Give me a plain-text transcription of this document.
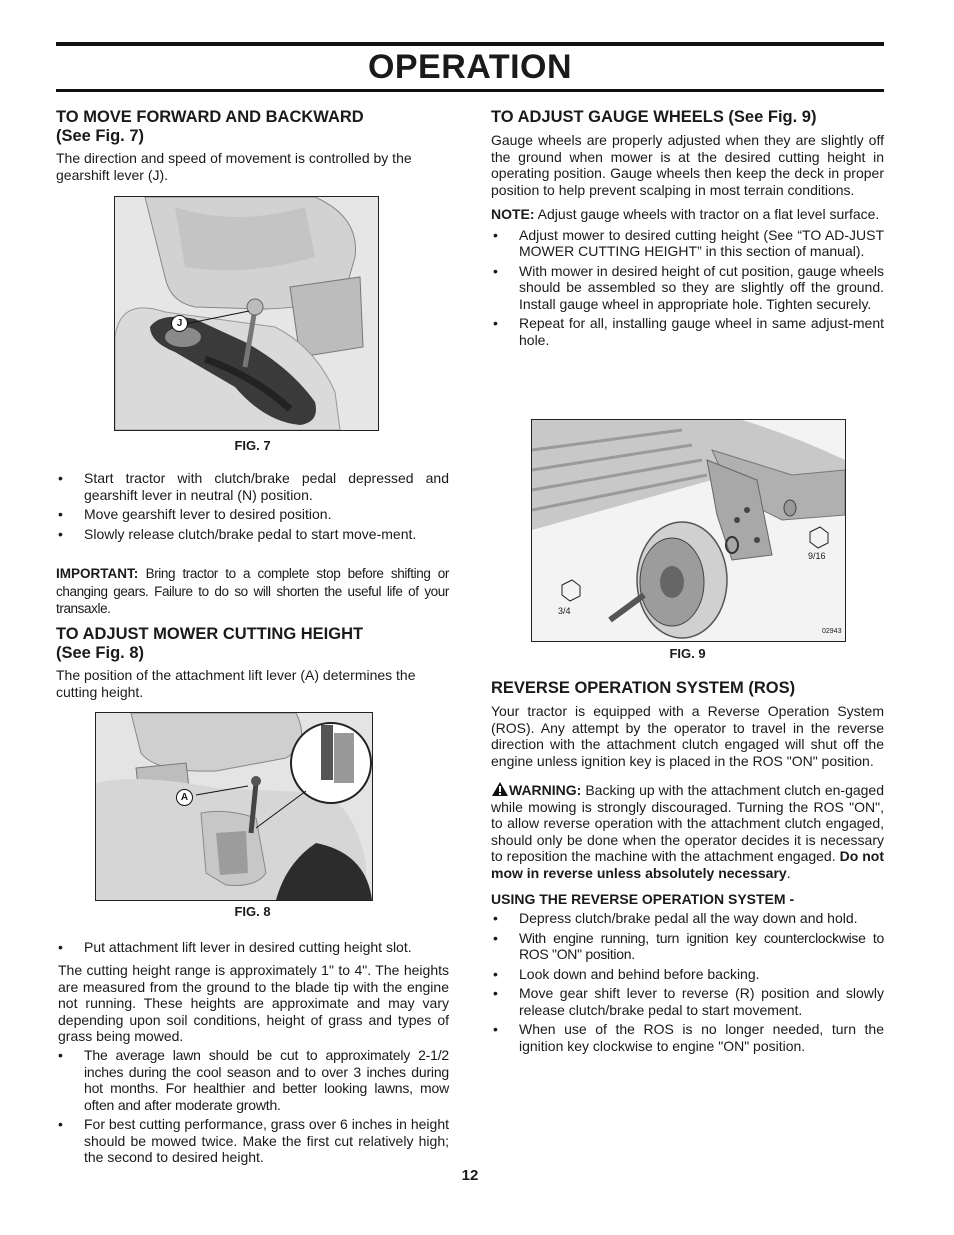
OPERATION
TO MOVE FORWARD AND BACKWARD
(See Fig. 7)

The direction and speed of movement is controlled by the gearshift lever (J).

J
FIG. 7
• Start tractor with clutch/brake pedal depressed and gearshift lever in neutral (N) position.
• Move gearshift lever to desired position.
• Slowly release clutch/brake pedal to start move-ment.

IMPORTANT: Bring tractor to a complete stop before shifting or changing gears. Failure to do so will shorten the useful life of your transaxle.

TO ADJUST MOWER CUTTING HEIGHT
(See Fig. 8)

The position of the attachment lift lever (A) determines the cutting height.

A
FIG. 8
• Put attachment lift lever in desired cutting height slot.

The cutting height range is approximately 1" to 4". The heights are measured from the ground to the blade tip with the engine not running. These heights are approximate and may vary depending upon soil conditions, height of grass and types of grass being mowed.

• The average lawn should be cut to approximately 2-1/2 inches during the cool season and to over 3 inches during hot months. For healthier and better looking lawns, mow often and after moderate growth.
• For best cutting performance, grass over 6 inches in height should be mowed twice. Make the first cut relatively high; the second to desired height.
TO ADJUST GAUGE WHEELS (See Fig. 9)

Gauge wheels are properly adjusted when they are slightly off the ground when mower is at the desired cutting height in operating position. Gauge wheels then keep the deck in proper position to help prevent scalping in most terrain conditions.

NOTE: Adjust gauge wheels with tractor on a flat level surface.

• Adjust mower to desired cutting height (See “TO AD-JUST MOWER CUTTING HEIGHT” in this section of manual).
• With mower in desired height of cut position, gauge wheels should be assembled so they are slightly off the ground. Install gauge wheel in appropriate hole. Tighten securely.
• Repeat for all, installing gauge wheel in same adjust-ment hole.
3/4
9/16
02943
FIG. 9
REVERSE OPERATION SYSTEM (ROS)

Your tractor is equipped with a Reverse Operation System (ROS). Any attempt by the operator to travel in the reverse direction with the attachment clutch engaged will shut off the engine unless ignition key is placed in the ROS "ON" position.

WARNING: Backing up with the attachment clutch en-gaged while mowing is strongly discouraged. Turning the ROS "ON", to allow reverse operation with the attachment clutch engaged, should only be done when the operator decides it is necessary to reposition the machine with the attachment engaged. Do not mow in reverse unless absolutely necessary.

USING THE REVERSE OPERATION SYSTEM -
• Depress clutch/brake pedal all the way down and hold.
• With engine running, turn ignition key counterclockwise to ROS "ON" position.
• Look down and behind before backing.
• Move gear shift lever to reverse (R) position and slowly release clutch/brake pedal to start movement.
• When use of the ROS is no longer needed, turn the ignition key clockwise to engine "ON" position.
12
